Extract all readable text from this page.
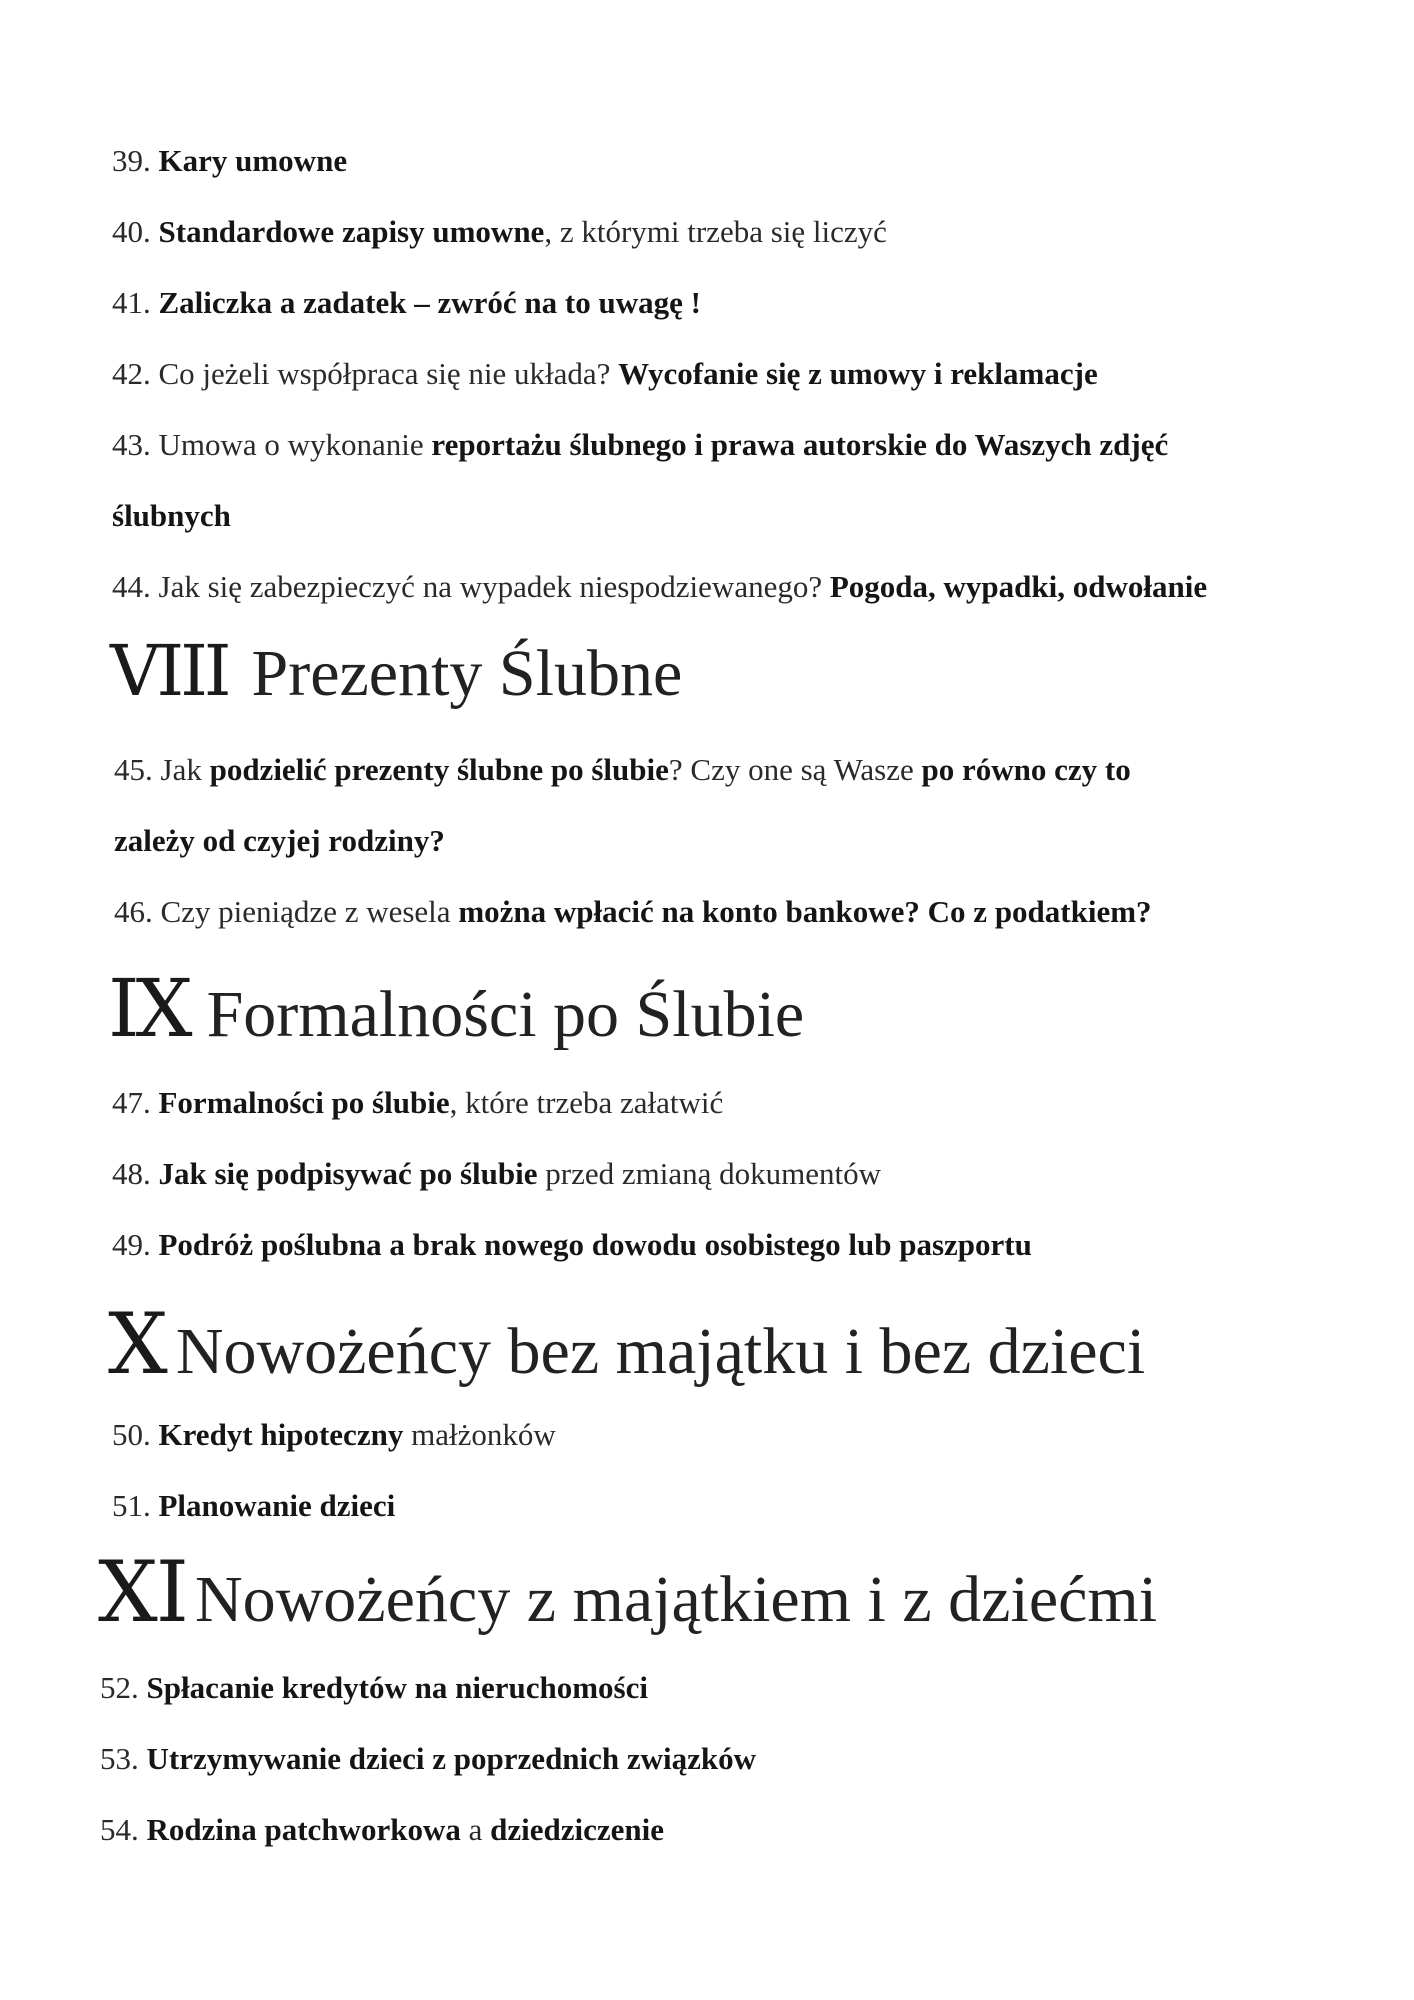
39. Kary umowne
40. Standardowe zapisy umowne, z którymi trzeba się liczyć
41. Zaliczka a zadatek – zwróć na to uwagę !
42. Co jeżeli współpraca się nie układa? Wycofanie się z umowy i reklamacje
43. Umowa o wykonanie reportażu ślubnego i prawa autorskie do Waszych zdjęć
ślubnych
44. Jak się zabezpieczyć na wypadek niespodziewanego? Pogoda, wypadki, odwołanie
VIII Prezenty Ślubne
45. Jak podzielić prezenty ślubne po ślubie? Czy one są Wasze po równo czy to
zależy od czyjej rodziny?
46. Czy pieniądze z wesela można wpłacić na konto bankowe? Co z podatkiem?
IX Formalności po Ślubie
47. Formalności po ślubie, które trzeba załatwić
48. Jak się podpisywać po ślubie przed zmianą dokumentów
49. Podróż poślubna a brak nowego dowodu osobistego lub paszportu
X Nowożeńcy bez majątku i bez dzieci
50. Kredyt hipoteczny małżonków
51. Planowanie dzieci
XI Nowożeńcy z majątkiem i z dziećmi
52. Spłacanie kredytów na nieruchomości
53. Utrzymywanie dzieci z poprzednich związków
54. Rodzina patchworkowa a dziedziczenie
